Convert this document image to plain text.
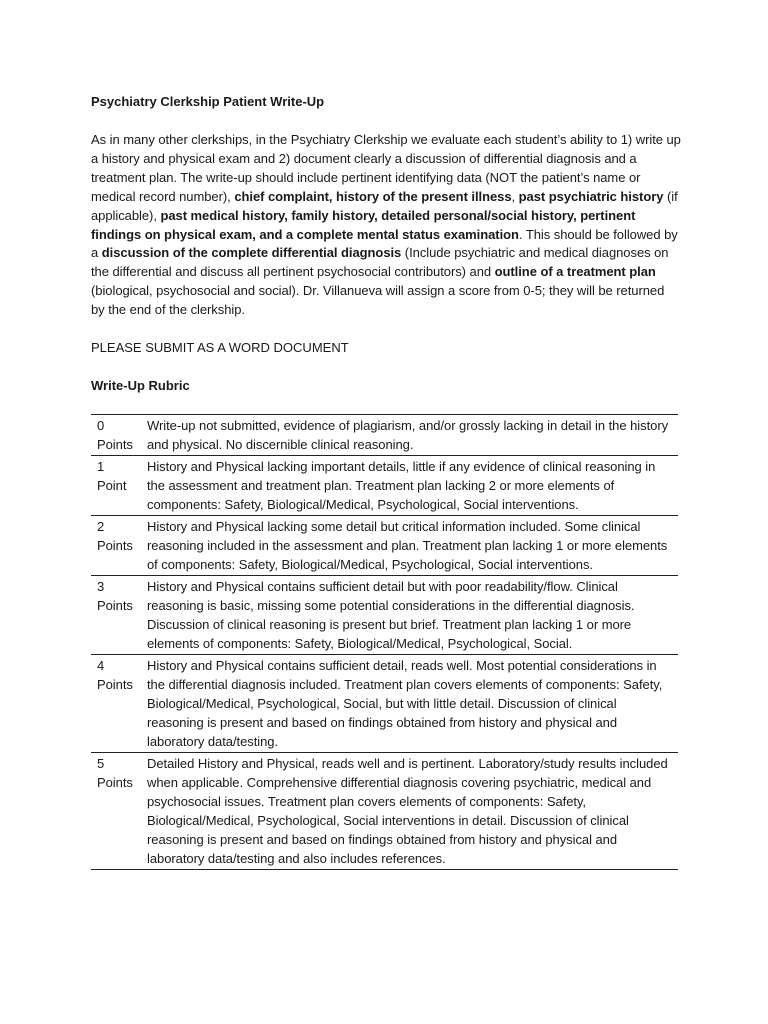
Psychiatry Clerkship Patient Write-Up

As in many other clerkships, in the Psychiatry Clerkship we evaluate each student’s ability to 1) write up a history and physical exam and 2) document clearly a discussion of differential diagnosis and a treatment plan. The write-up should include pertinent identifying data (NOT the patient’s name or medical record number), chief complaint, history of the present illness, past psychiatric history (if applicable), past medical history, family history, detailed personal/social history, pertinent findings on physical exam, and a complete mental status examination. This should be followed by a discussion of the complete differential diagnosis (Include psychiatric and medical diagnoses on the differential and discuss all pertinent psychosocial contributors) and outline of a treatment plan (biological, psychosocial and social). Dr. Villanueva will assign a score from 0-5; they will be returned by the end of the clerkship.

PLEASE SUBMIT AS A WORD DOCUMENT

Write-Up Rubric

0
Points	Write-up not submitted, evidence of plagiarism, and/or grossly lacking in detail in the history and physical. No discernible clinical reasoning.

1
Point	History and Physical lacking important details, little if any evidence of clinical reasoning in the assessment and treatment plan. Treatment plan lacking 2 or more elements of components: Safety, Biological/Medical, Psychological, Social interventions.

2
Points	History and Physical lacking some detail but critical information included. Some clinical reasoning included in the assessment and plan. Treatment plan lacking 1 or more elements of components: Safety, Biological/Medical, Psychological, Social interventions.

3
Points	History and Physical contains sufficient detail but with poor readability/flow. Clinical reasoning is basic, missing some potential considerations in the differential diagnosis. Discussion of clinical reasoning is present but brief. Treatment plan lacking 1 or more elements of components: Safety, Biological/Medical, Psychological, Social.

4
Points	History and Physical contains sufficient detail, reads well. Most potential considerations in the differential diagnosis included. Treatment plan covers elements of components: Safety, Biological/Medical, Psychological, Social, but with little detail. Discussion of clinical reasoning is present and based on findings obtained from history and physical and laboratory data/testing.

5
Points	Detailed History and Physical, reads well and is pertinent. Laboratory/study results included when applicable. Comprehensive differential diagnosis covering psychiatric, medical and psychosocial issues. Treatment plan covers elements of components: Safety, Biological/Medical, Psychological, Social interventions in detail. Discussion of clinical reasoning is present and based on findings obtained from history and physical and laboratory data/testing and also includes references.
